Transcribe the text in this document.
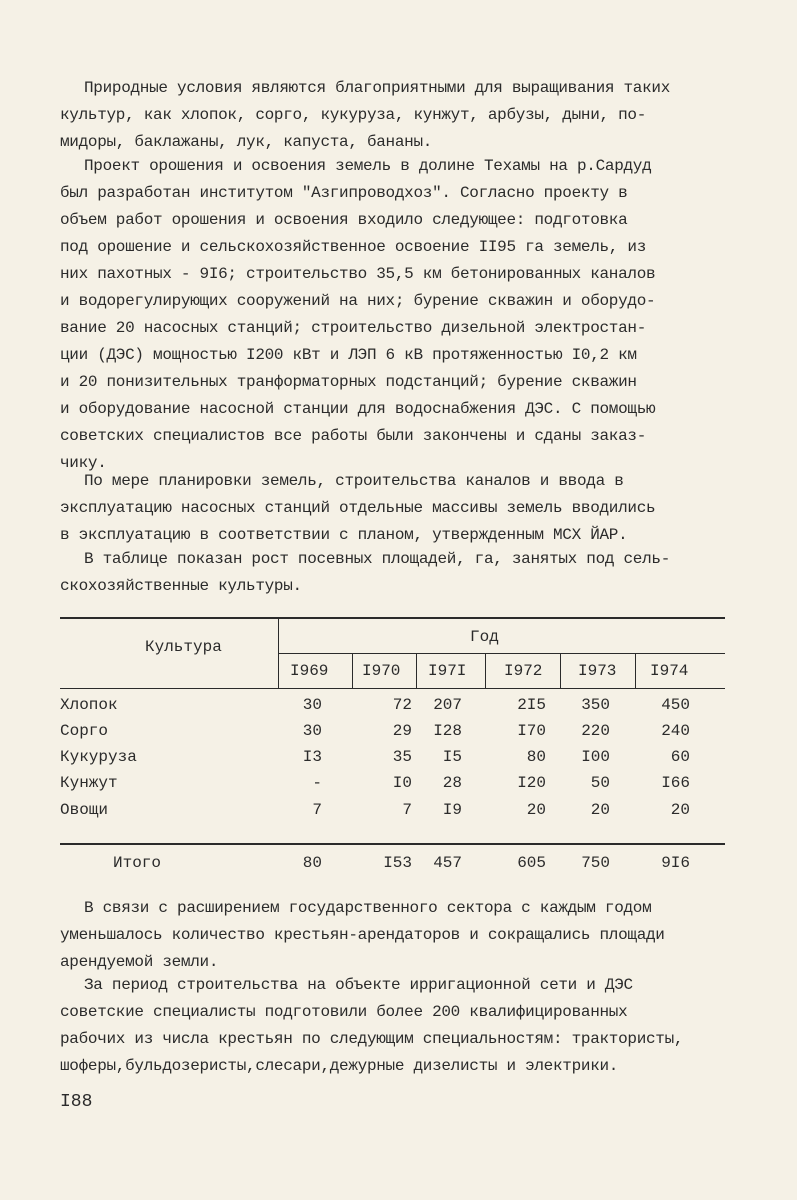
Природные условия являются благоприятными для выращивания таких
культур, как хлопок, сорго, кукуруза, кунжут, арбузы, дыни, по-
мидоры, баклажаны, лук, капуста, бананы.
Проект орошения и освоения земель в долине Техамы на р.Сардуд
был разработан институтом "Азгипроводхоз". Согласно проекту в
объем работ орошения и освоения входило следующее: подготовка
под орошение и сельскохозяйственное освоение II95 га земель, из
них пахотных - 9I6; строительство 35,5 км бетонированных каналов
и водорегулирующих сооружений на них; бурение скважин и оборудо-
вание 20 насосных станций; строительство дизельной электростан-
ции (ДЭС) мощностью I200 кВт и ЛЭП 6 кВ протяженностью I0,2 км
и 20 понизительных транформаторных подстанций; бурение скважин
и оборудование насосной станции для водоснабжения ДЭС. С помощью
советских специалистов все работы были закончены и сданы заказ-
чику.
По мере планировки земель, строительства каналов и ввода в
эксплуатацию насосных станций отдельные массивы земель вводились
в эксплуатацию в соответствии с планом, утвержденным МСХ ЙАР.
В таблице показан рост посевных площадей, га, занятых под сель-
скохозяйственные культуры.
Культура
Год
I969 I970 I97I I972 I973 I974
Хлопок	30	72	207	2I5	350	450
Сорго	30	29	I28	I70	220	240
Кукуруза	I3	35	I5	80	I00	60
Кунжут	-	I0	28	I20	50	I66
Овощи	7	7	I9	20	20	20
Итого	80	I53	457	605	750	9I6
В связи с расширением государственного сектора с каждым годом
уменьшалось количество крестьян-арендаторов и сокращались площади
арендуемой земли.
За период строительства на объекте ирригационной сети и ДЭС
советские специалисты подготовили более 200 квалифицированных
рабочих из числа крестьян по следующим специальностям: трактористы,
шоферы,бульдозеристы,слесари,дежурные дизелисты и электрики.
I88
